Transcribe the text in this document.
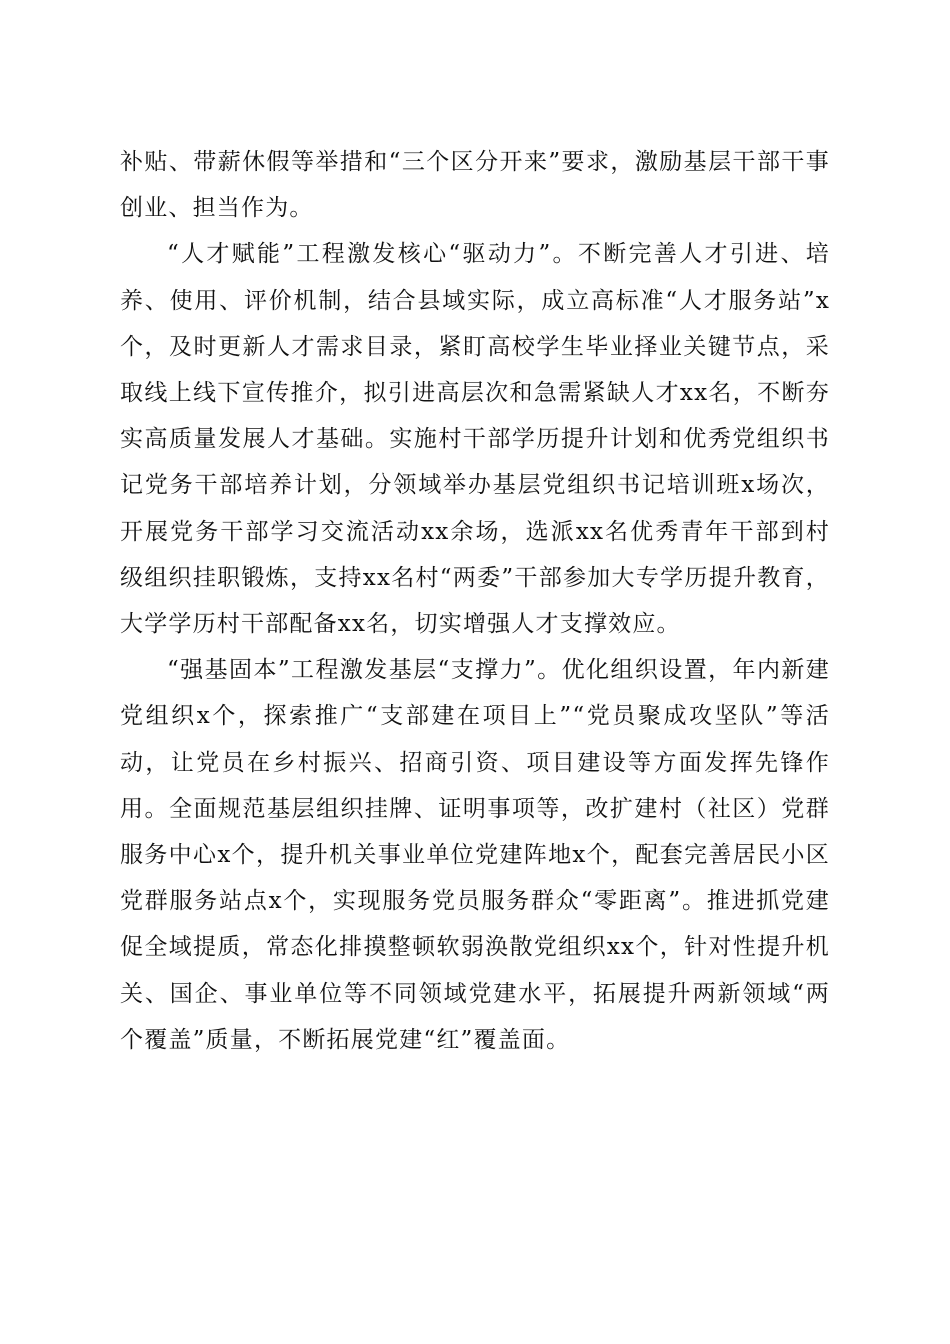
补贴、带薪休假等举措和“三个区分开来”要求，激励基层干部干事创业、担当作为。

“人才赋能”工程激发核心“驱动力”。不断完善人才引进、培养、使用、评价机制，结合县域实际，成立高标准“人才服务站”x个，及时更新人才需求目录，紧盯高校学生毕业择业关键节点，采取线上线下宣传推介，拟引进高层次和急需紧缺人才xx名，不断夯实高质量发展人才基础。实施村干部学历提升计划和优秀党组织书记党务干部培养计划，分领域举办基层党组织书记培训班x场次，开展党务干部学习交流活动xx余场，选派xx名优秀青年干部到村级组织挂职锻炼，支持xx名村“两委”干部参加大专学历提升教育，大学学历村干部配备xx名，切实增强人才支撑效应。

“强基固本”工程激发基层“支撑力”。优化组织设置，年内新建党组织x个，探索推广“支部建在项目上”“党员聚成攻坚队”等活动，让党员在乡村振兴、招商引资、项目建设等方面发挥先锋作用。全面规范基层组织挂牌、证明事项等，改扩建村（社区）党群服务中心x个，提升机关事业单位党建阵地x个，配套完善居民小区党群服务站点x个，实现服务党员服务群众“零距离”。推进抓党建促全域提质，常态化排摸整顿软弱涣散党组织xx个，针对性提升机关、国企、事业单位等不同领域党建水平，拓展提升两新领域“两个覆盖”质量，不断拓展党建“红”覆盖面。
